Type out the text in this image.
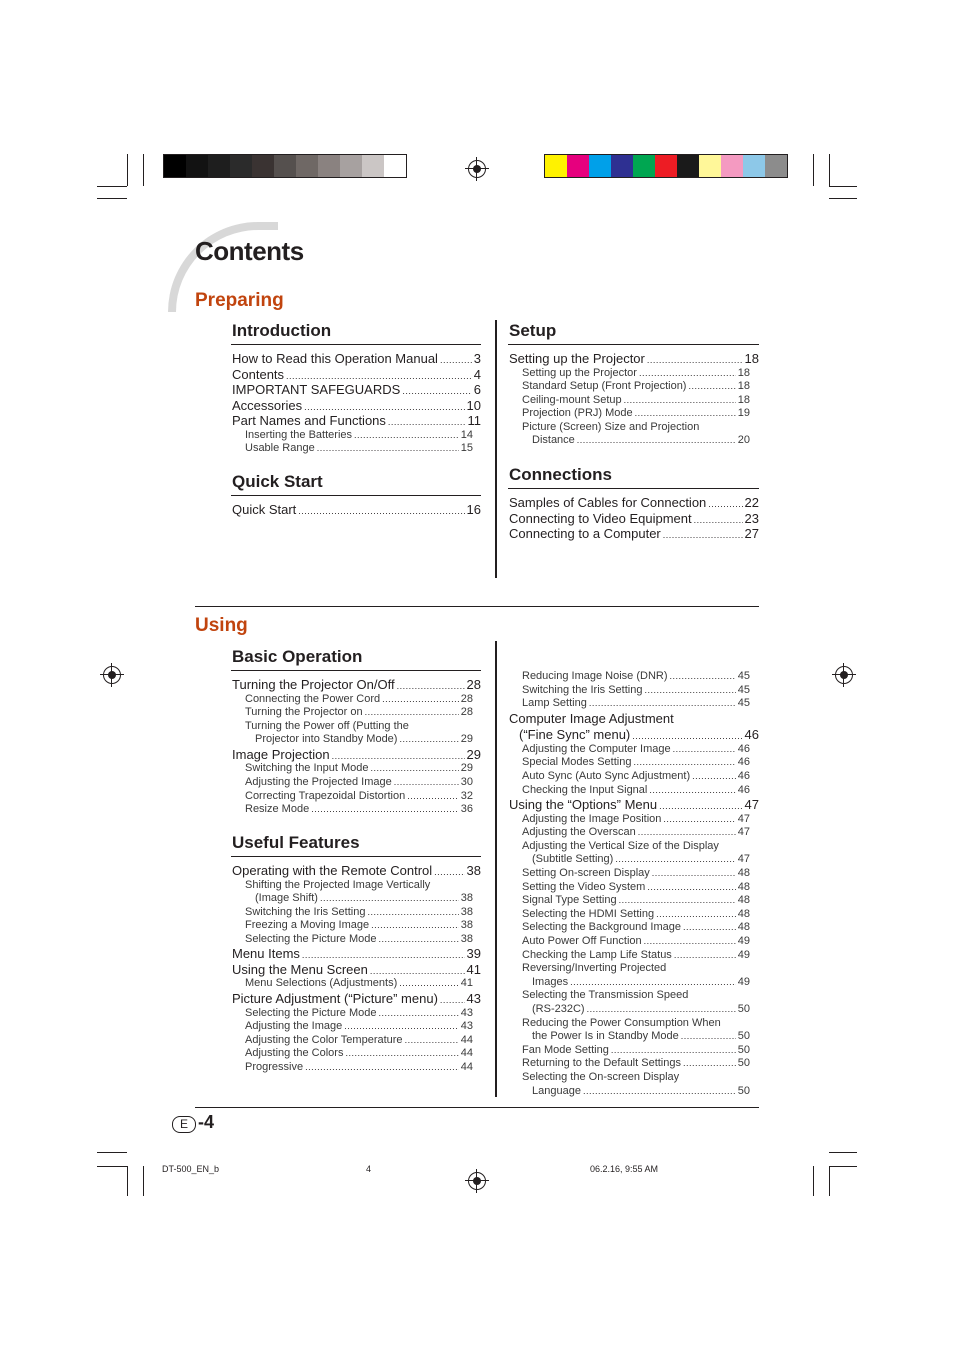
Contents
Preparing
Introduction
How to Read this Operation Manual .....	3
Contents .....	4
IMPORTANT SAFEGUARDS .....	6
Accessories .....	10
Part Names and Functions .....	11
Inserting the Batteries .....	14
Usable Range .....	15
Quick Start
Quick Start .....	16
Setup
Setting up the Projector .....	18
Setting up the Projector .....	18
Standard Setup (Front Projection) .....	18
Ceiling-mount Setup .....	18
Projection (PRJ) Mode .....	19
Picture (Screen) Size and Projection
Distance .....	20
Connections
Samples of Cables for Connection .....	22
Connecting to Video Equipment .....	23
Connecting to a Computer .....	27
Using
Basic Operation
Turning the Projector On/Off .....	28
Connecting the Power Cord .....	28
Turning the Projector on .....	28
Turning the Power off (Putting the
Projector into Standby Mode) .....	29
Image Projection .....	29
Switching the Input Mode .....	29
Adjusting the Projected Image .....	30
Correcting Trapezoidal Distortion .....	32
Resize Mode .....	36
Useful Features
Operating with the Remote Control .....	38
Shifting the Projected Image Vertically
(Image Shift) .....	38
Switching the Iris Setting .....	38
Freezing a Moving Image .....	38
Selecting the Picture Mode .....	38
Menu Items .....	39
Using the Menu Screen .....	41
Menu Selections (Adjustments) .....	41
Picture Adjustment (“Picture” menu) ..... 43
Selecting the Picture Mode .....	43
Adjusting the Image .....	43
Adjusting the Color Temperature .....	44
Adjusting the Colors .....	44
Progressive .....	44
Reducing Image Noise (DNR) .....	45
Switching the Iris Setting .....	45
Lamp Setting .....	45
Computer Image Adjustment
(“Fine Sync” menu) .....	46
Adjusting the Computer Image .....	46
Special Modes Setting .....	46
Auto Sync (Auto Sync Adjustment) .....	46
Checking the Input Signal .....	46
Using the “Options” Menu .....	47
Adjusting the Image Position .....	47
Adjusting the Overscan .....	47
Adjusting the Vertical Size of the Display
(Subtitle Setting) .....	47
Setting On-screen Display .....	48
Setting the Video System .....	48
Signal Type Setting .....	48
Selecting the HDMI Setting .....	48
Selecting the Background Image .....	48
Auto Power Off Function .....	49
Checking the Lamp Life Status .....	49
Reversing/Inverting Projected
Images .....	49
Selecting the Transmission Speed
(RS-232C) .....	50
Reducing the Power Consumption When
the Power Is in Standby Mode .....	50
Fan Mode Setting .....	50
Returning to the Default Settings .....	50
Selecting the On-screen Display
Language .....	50
E -4
DT-500_EN_b	4	06.2.16, 9:55 AM
